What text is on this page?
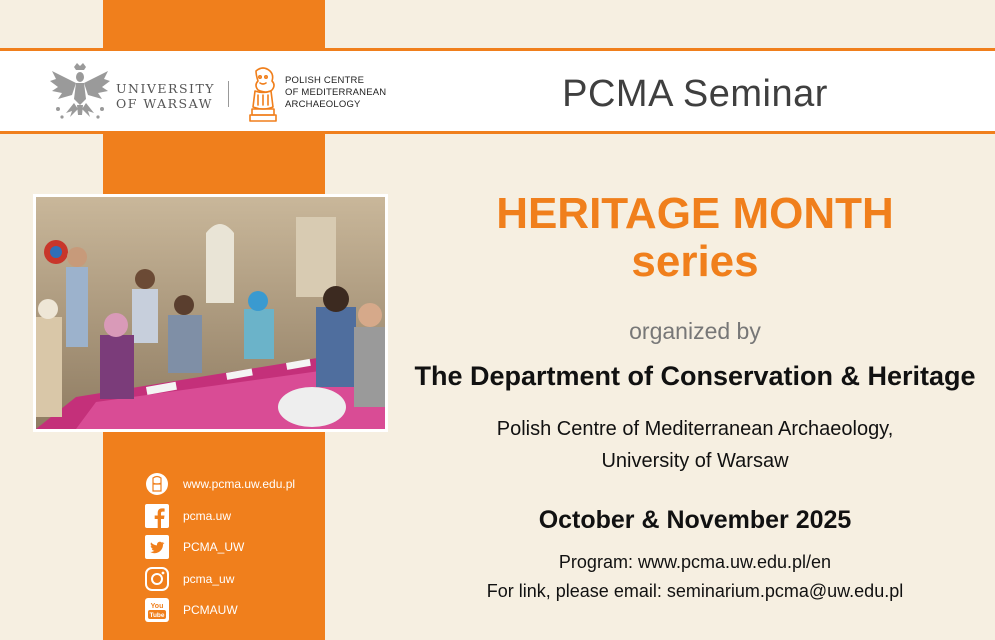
UNIVERSITY
OF WARSAW
POLISH CENTRE
OF MEDITERRANEAN
ARCHAEOLOGY	PCMA Seminar
HERITAGE MONTH
series
organized by
The Department of Conservation & Heritage
Polish Centre of Mediterranean Archaeology,
University of Warsaw
October & November 2025
Program: www.pcma.uw.edu.pl/en
For link, please email: seminarium.pcma@uw.edu.pl
www.pcma.uw.edu.pl
pcma.uw
PCMA_UW
pcma_uw
You
Tube PCMAUW
